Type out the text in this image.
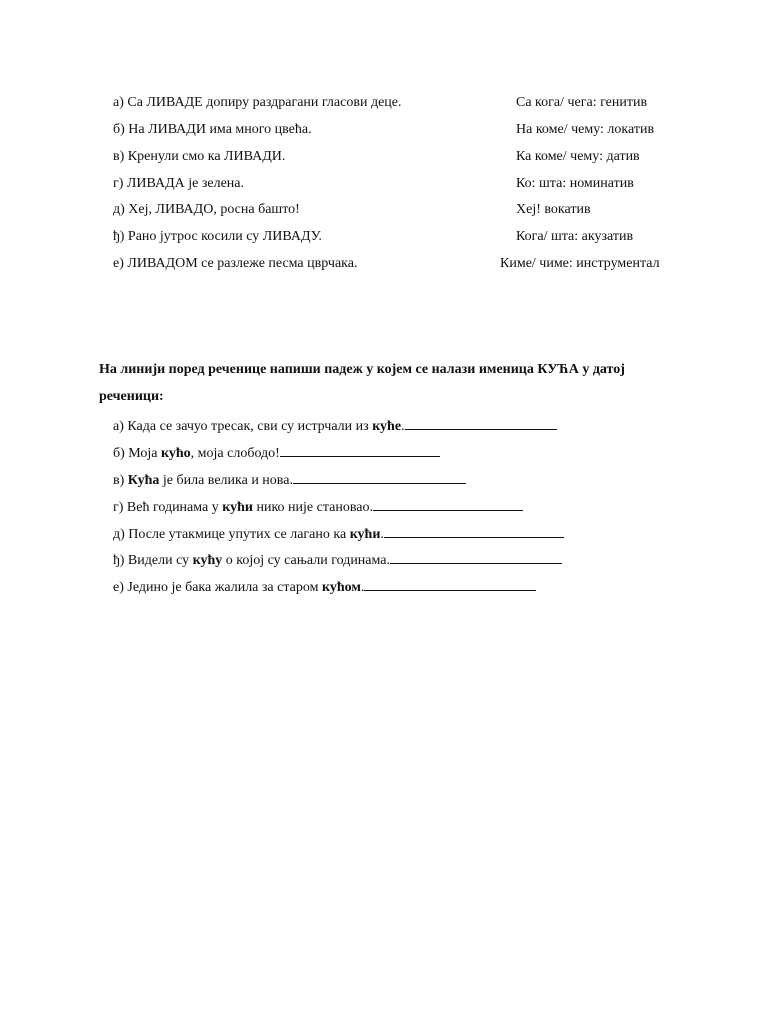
а) Са ЛИВАДЕ допиру раздрагани гласови деце.
б) На ЛИВАДИ има много цвећа.
в) Кренули смо ка ЛИВАДИ.
г) ЛИВАДА је зелена.
д) Хеј, ЛИВАДО, росна башто!
ђ) Рано јутрос косили су ЛИВАДУ.
е) ЛИВАДОМ се разлеже песма цврчака.
Са кога/ чега: генитив
На коме/ чему: локатив
Ка коме/ чему: датив
Ко: шта: номинатив
Хеј! вокатив
Кога/ шта: акузатив
Киме/ чиме: инструментал
На линији поред реченице напиши падеж у којем се налази именица КУЋА у датој
реченици:
а) Када се зачуо тресак, сви су истрчали из куће.
б) Моја кућо, моја слободо!
в) Кућа је била велика и нова.
г) Већ годинама у кући нико није становао.
д) После утакмице упутих се лагано ка кући.
ђ) Видели су кућу о којој су сањали годинама.
е) Једино је бака жалила за старом кућом.
